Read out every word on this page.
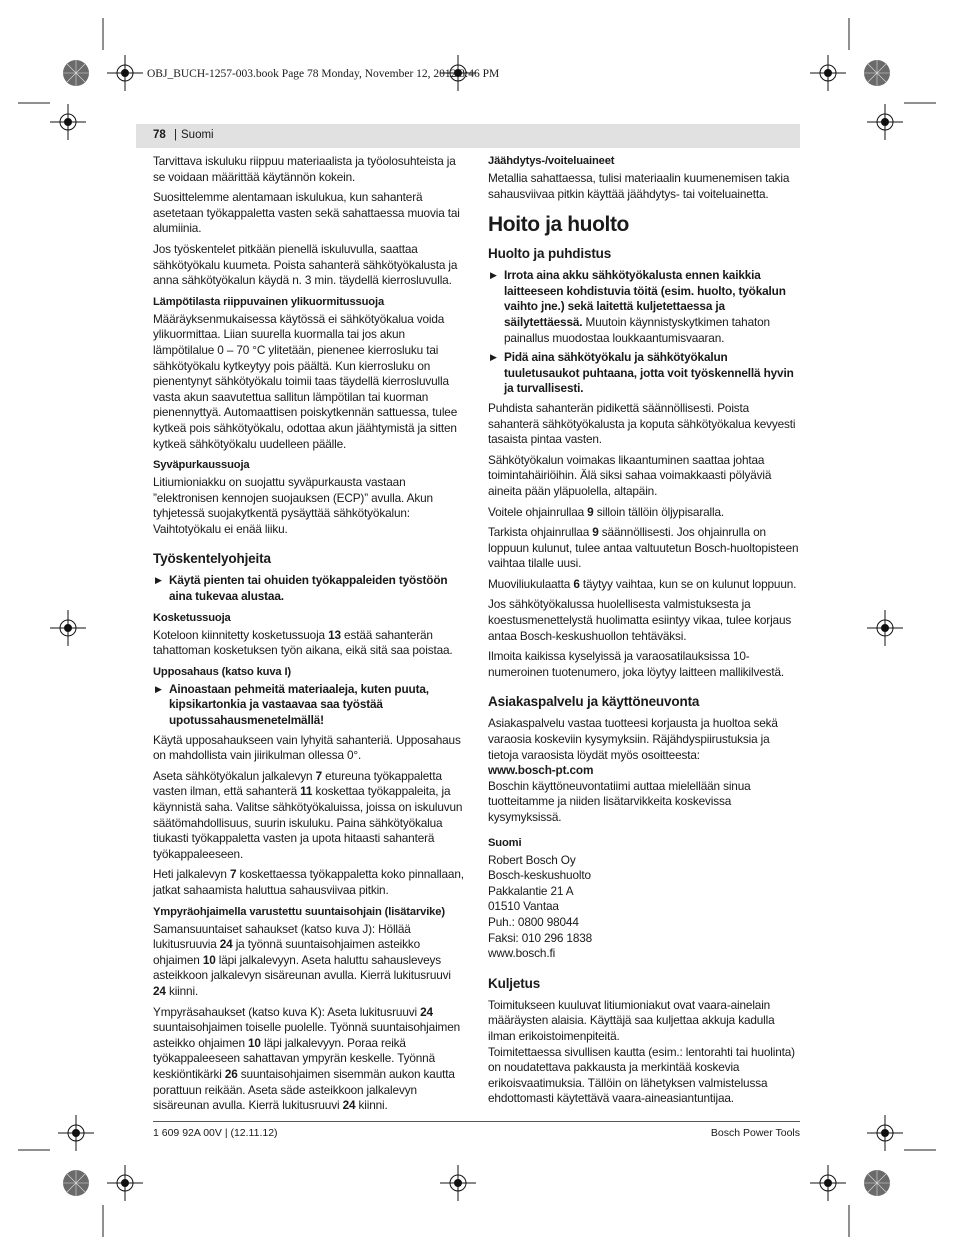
OBJ_BUCH-1257-003.book Page 78 Monday, November 12, 2012 3:46 PM
78 | Suomi

Tarvittava iskuluku riippuu materiaalista ja työolosuhteista ja se voidaan määrittää käytännön kokein.

Suosittelemme alentamaan iskulukua, kun sahanterä asetetaan työkappaletta vasten sekä sahattaessa muovia tai alumiinia.

Jos työskentelet pitkään pienellä iskuluvulla, saattaa sähkötyökalu kuumeta. Poista sahanterä sähkötyökalusta ja anna sähkötyökalun käydä n. 3 min. täydellä kierrosluvulla.

Lämpötilasta riippuvainen ylikuormitussuoja

Määräyksenmukaisessa käytössä ei sähkötyökalua voida ylikuormittaa. Liian suurella kuormalla tai jos akun lämpötilalue 0 – 70 °C ylitetään, pienenee kierrosluku tai sähkötyökalu kytkeytyy pois päältä. Kun kierrosluku on pienentynyt sähkötyökalu toimii taas täydellä kierrosluvulla vasta akun saavutettua sallitun lämpötilan tai kuorman pienennyttyä. Automaattisen poiskytkennän sattuessa, tulee kytkeä pois sähkötyökalu, odottaa akun jäähtymistä ja sitten kytkeä sähkötyökalu uudelleen päälle.

Syväpurkaussuoja

Litiumioniakku on suojattu syväpurkausta vastaan ”elektronisen kennojen suojauksen (ECP)” avulla. Akun tyhjetessä suojakytkentä pysäyttää sähkötyökalun: Vaihtotyökalu ei enää liiku.

Työskentelyohjeita
▶ Käytä pienten tai ohuiden työkappaleiden työstöön aina tukevaa alustaa.
Kosketussuoja

Koteloon kiinnitetty kosketussuoja 13 estää sahanterän tahattoman kosketuksen työn aikana, eikä sitä saa poistaa.

Upposahaus (katso kuva I)
▶ Ainoastaan pehmeitä materiaaleja, kuten puuta, kipsikartonkia ja vastaavaa saa työstää upotussahausmenetelmällä!

Käytä upposahaukseen vain lyhyitä sahanteriä. Upposahaus on mahdollista vain jiirikulman ollessa 0°.

Aseta sähkötyökalun jalkalevyn 7 etureuna työkappaletta vasten ilman, että sahanterä 11 koskettaa työkappaleita, ja käynnistä saha. Valitse sähkötyökaluissa, joissa on iskuluvun säätömahdollisuus, suurin iskuluku. Paina sähkötyökalua tiukasti työkappaletta vasten ja upota hitaasti sahanterä työkappaleeseen.

Heti jalkalevyn 7 koskettaessa työkappaletta koko pinnallaan, jatkat sahaamista haluttua sahausviivaa pitkin.

Ympyräohjaimella varustettu suuntaisohjain (lisätarvike)

Samansuuntaiset sahaukset (katso kuva J): Höllää lukitusruuvia 24 ja työnnä suuntaisohjaimen asteikko ohjaimen 10 läpi jalkalevyyn. Aseta haluttu sahausleveys asteikkoon jalkalevyn sisäreunan avulla. Kierrä lukitusruuvi 24 kiinni.

Ympyräsahaukset (katso kuva K): Aseta lukitusruuvi 24 suuntaisohjaimen toiselle puolelle. Työnnä suuntaisohjaimen asteikko ohjaimen 10 läpi jalkalevyyn. Poraa reikä työkappaleeseen sahattavan ympyrän keskelle. Työnnä keskiöntikärki 26 suuntaisohjaimen sisemmän aukon kautta porattuun reikään. Aseta säde asteikkoon jalkalevyn sisäreunan avulla. Kierrä lukitusruuvi 24 kiinni.

Jäähdytys-/voiteluaineet

Metallia sahattaessa, tulisi materiaalin kuumenemisen takia sahausviivaa pitkin käyttää jäähdytys- tai voiteluainetta.

Hoito ja huolto
Huolto ja puhdistus
▶ Irrota aina akku sähkötyökalusta ennen kaikkia laitteeseen kohdistuvia töitä (esim. huolto, työkalun vaihto jne.) sekä laitettä kuljetettaessa ja säilytettäessä. Muutoin käynnistyskytkimen tahaton painallus muodostaa loukkaantumisvaaran.
▶ Pidä aina sähkötyökalu ja sähkötyökalun tuuletusaukot puhtaana, jotta voit työskennellä hyvin ja turvallisesti.

Puhdista sahanterän pidikettä säännöllisesti. Poista sahanterä sähkötyökalusta ja koputa sähkötyökalua kevyesti tasaista pintaa vasten.

Sähkötyökalun voimakas likaantuminen saattaa johtaa toimintahäiriöihin. Älä siksi sahaa voimakkaasti pölyäviä aineita pään yläpuolella, altapäin.

Voitele ohjainrullaa 9 silloin tällöin öljypisaralla.

Tarkista ohjainrullaa 9 säännöllisesti. Jos ohjainrulla on loppuun kulunut, tulee antaa valtuutetun Bosch-huoltopisteen vaihtaa tilalle uusi.

Muoviliukulaatta 6 täytyy vaihtaa, kun se on kulunut loppuun.

Jos sähkötyökalussa huolellisesta valmistuksesta ja koestusmenettelystä huolimatta esiintyy vikaa, tulee korjaus antaa Bosch-keskushuollon tehtäväksi.

Ilmoita kaikissa kyselyissä ja varaosatilauksissa 10-numeroinen tuotenumero, joka löytyy laitteen mallikilvestä.

Asiakaspalvelu ja käyttöneuvonta

Asiakaspalvelu vastaa tuotteesi korjausta ja huoltoa sekä varaosia koskeviin kysymyksiin. Räjähdyspiirustuksia ja tietoja varaosista löydät myös osoitteesta:

www.bosch-pt.com

Boschin käyttöneuvontatiimi auttaa mielellään sinua tuotteitamme ja niiden lisätarvikkeita koskevissa kysymyksissä.

Suomi
Robert Bosch Oy
Bosch-keskushuolto
Pakkalantie 21 A
01510 Vantaa
Puh.: 0800 98044
Faksi: 010 296 1838
www.bosch.fi
Kuljetus

Toimitukseen kuuluvat litiumioniakut ovat vaara-ainelain määräysten alaisia. Käyttäjä saa kuljettaa akkuja kadulla ilman erikoistoimenpiteitä.

Toimitettaessa sivullisen kautta (esim.: lentorahti tai huolinta) on noudatettava pakkausta ja merkintää koskevia erikoisvaatimuksia. Tällöin on lähetyksen valmistelussa ehdottomasti käytettävä vaara-aineasiantuntijaa.

1 609 92A 00V | (12.11.12)	Bosch Power Tools
